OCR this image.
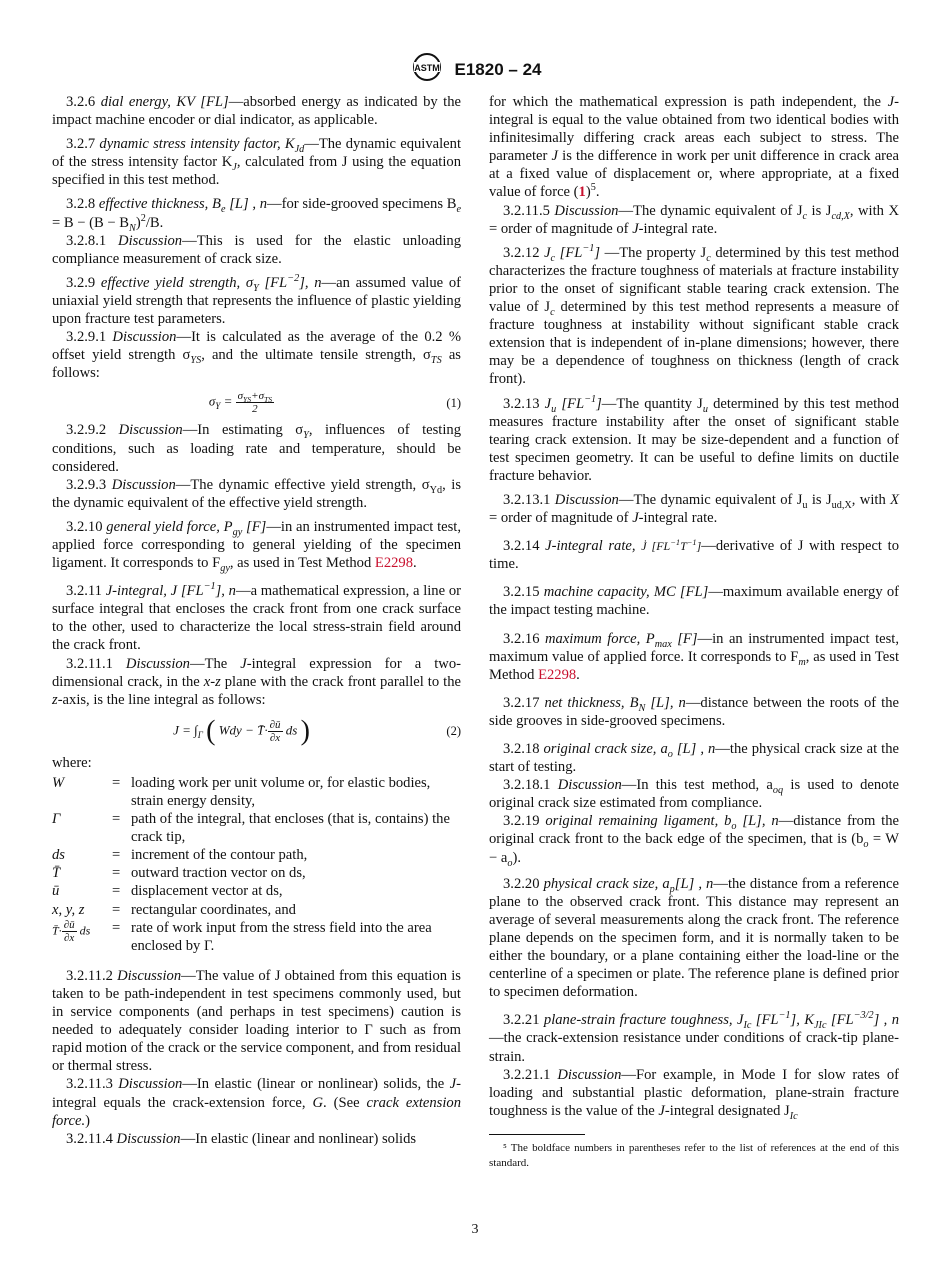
ASTM E1820 – 24

3.2.6 dial energy, KV [FL]—absorbed energy as indicated by the impact machine encoder or dial indicator, as applicable.

3.2.7 dynamic stress intensity factor, $K_{Jd}—The$ dynamic equivalent of the stress intensity factor $K_J$, calculated from J using the equation specified in this test method.

3.2.8 effective thickness, $B_e$ [L] , n—for side-grooved specimens $B_e = B - (B - B_N)^2/B$.

3.2.8.1 Discussion—This is used for the elastic unloading compliance measurement of crack size.

3.2.9 effective yield strength, $\sigma_Y$ $[FL^{-2}]$, n—an assumed value of uniaxial yield strength that represents the influence of plastic yielding upon fracture test parameters.

3.2.9.1 Discussion—It is calculated as the average of the 0.2 % offset yield strength $\sigma_{YS}$, and the ultimate tensile strength, $\sigma_{TS}$ as follows:

$\sigma_Y = \frac{\sigma_{YS}+\sigma_{TS}}{2}$	(1)

3.2.9.2 Discussion—In estimating $\sigma_Y$, influences of testing conditions, such as loading rate and temperature, should be considered.

3.2.9.3 Discussion—The dynamic effective yield strength, $\sigma_{Yd}$, is the dynamic equivalent of the effective yield strength.

3.2.10 general yield force, $P_{gy}$ [F]—in an instrumented impact test, applied force corresponding to general yielding of the specimen ligament. It corresponds to $F_{gy}$, as used in Test Method E2298.

3.2.11 J-integral, J $[FL^{-1}]$, n—a mathematical expression, a line or surface integral that encloses the crack front from one crack surface to the other, used to characterize the local stress-strain field around the crack front.

3.2.11.1 Discussion—The J-integral expression for a two-dimensional crack, in the x-z plane with the crack front parallel to the z-axis, is the line integral as follows:

$J = \int_\Gamma$ ( Wdy − T̄· $\frac{\partial ū}{\partial x}$ ds )	(2)

where:

W	=	loading work per unit volume or, for elastic bodies, strain energy density,
Γ	=	path of the integral, that encloses (that is, contains) the crack tip,
ds	=	increment of the contour path,
T̄	=	outward traction vector on ds,
ū	=	displacement vector at ds,
x, y, z	=	rectangular coordinates, and
T̄· $\frac{\partial ū}{\partial x}$ ds	=	rate of work input from the stress field into the area enclosed by Γ.

3.2.11.2 Discussion—The value of J obtained from this equation is taken to be path-independent in test specimens commonly used, but in service components (and perhaps in test specimens) caution is needed to adequately consider loading interior to Γ such as from rapid motion of the crack or the service component, and from residual or thermal stress.

3.2.11.3 Discussion—In elastic (linear or nonlinear) solids, the J-integral equals the crack-extension force, G. (See crack extension force.)

3.2.11.4 Discussion—In elastic (linear and nonlinear) solids

for which the mathematical expression is path independent, the J-integral is equal to the value obtained from two identical bodies with infinitesimally differing crack areas each subject to stress. The parameter J is the difference in work per unit difference in crack area at a fixed value of displacement or, where appropriate, at a fixed value of force $(1)^5$.

3.2.11.5 Discussion—The dynamic equivalent of $J_c$ is $J_{cd,X}$, with X = order of magnitude of J-integral rate.

3.2.12 $J_c$ $[FL^{-1}]$ —The property $J_c$ determined by this test method characterizes the fracture toughness of materials at fracture instability prior to the onset of significant stable tearing crack extension. The value of $J_c$ determined by this test method represents a measure of fracture toughness at instability without significant stable crack extension that is independent of in-plane dimensions; however, there may be a dependence of toughness on thickness (length of crack front).

3.2.13 $J_u$ $[FL^{-1}]—The$ quantity $J_u$ determined by this test method measures fracture instability after the onset of significant stable tearing crack extension. It may be size-dependent and a function of test specimen geometry. It can be useful to define limits on ductile fracture behavior.

3.2.13.1 Discussion—The dynamic equivalent of $J_u$ is $J_{ud,X}$, with X = order of magnitude of J-integral rate.

3.2.14 J-integral rate, J̇ $[FL^{-1}T^{-1}]—derivative$ of J with respect to time.

3.2.15 machine capacity, MC [FL]—maximum available energy of the impact testing machine.

3.2.16 maximum force, $P_{max}$ [F]—in an instrumented impact test, maximum value of applied force. It corresponds to $F_m$, as used in Test Method E2298.

3.2.17 net thickness, $B_N$ [L], n—distance between the roots of the side grooves in side-grooved specimens.

3.2.18 original crack size, $a_o$ [L] , n—the physical crack size at the start of testing.

3.2.18.1 Discussion—In this test method, $a_{oq}$ is used to denote original crack size estimated from compliance.

3.2.19 original remaining ligament, $b_o$ [L], n—distance from the original crack front to the back edge of the specimen, that is $(b_o = W - a_o)$.

3.2.20 physical crack size, $a_p[L]$ , n—the distance from a reference plane to the observed crack front. This distance may represent an average of several measurements along the crack front. The reference plane depends on the specimen form, and it is normally taken to be either the boundary, or a plane containing either the load-line or the centerline of a specimen or plate. The reference plane is defined prior to specimen deformation.

3.2.21 plane-strain fracture toughness, $J_{Ic}$ $[FL^{-1}]$, $K_{JIc}$ $[FL^{-3/2}]$ , n—the crack-extension resistance under conditions of crack-tip plane-strain.

3.2.21.1 Discussion—For example, in Mode I for slow rates of loading and substantial plastic deformation, plane-strain fracture toughness is the value of the J-integral designated $J_{Ic}$

⁵ The boldface numbers in parentheses refer to the list of references at the end of this standard.

3
